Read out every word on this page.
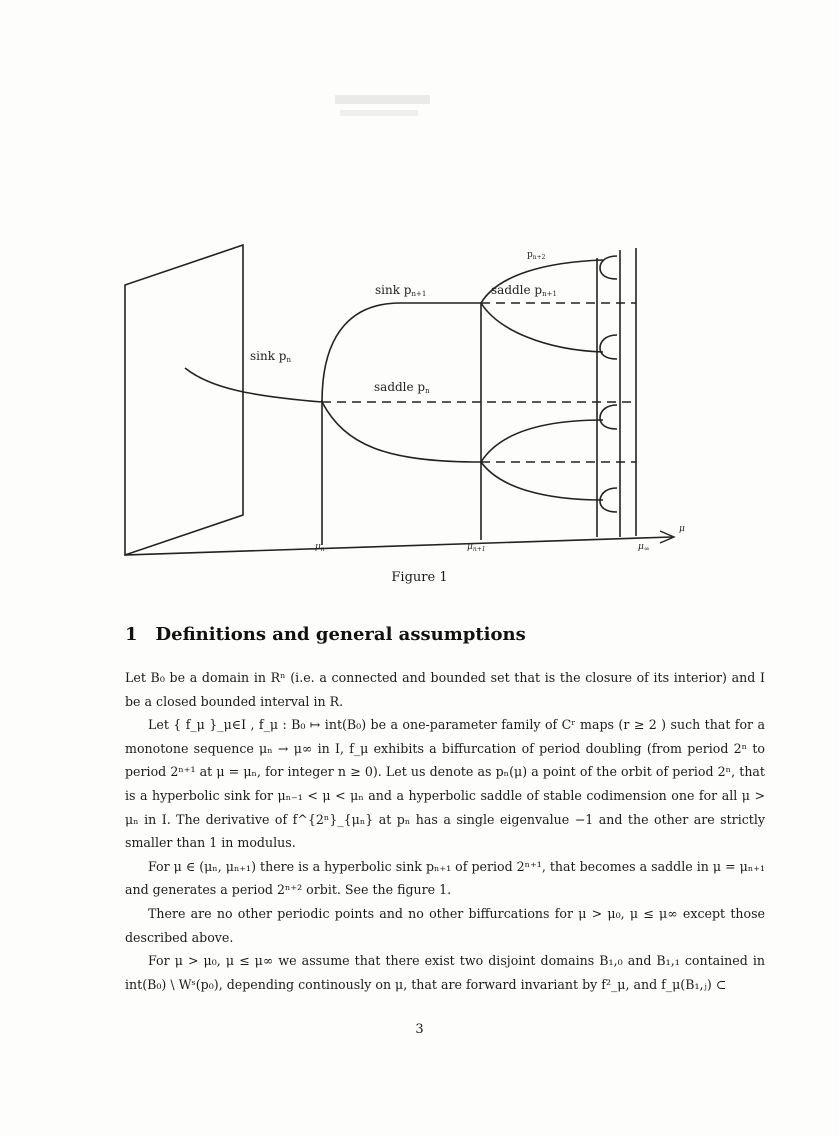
sink pn
sink pn+1	saddle pn+1
saddle pn
$p_{n+2}$
$\mu_n$	$\mu_{n+1}$	$\mu_\infty$
μ
Figure 1
1 Definitions and general assumptions

Let B₀ be a domain in Rⁿ (i.e. a connected and bounded set that is the closure of its interior) and I be a closed bounded interval in R.

Let { f_μ }_μ∈I , f_μ : B₀ ↦ int(B₀) be a one-parameter family of Cʳ maps (r ≥ 2 ) such that for a monotone sequence μₙ → μ∞ in I, f_μ exhibits a biffurcation of period doubling (from period 2ⁿ to period 2ⁿ⁺¹ at μ = μₙ, for integer n ≥ 0). Let us denote as pₙ(μ) a point of the orbit of period 2ⁿ, that is a hyperbolic sink for μₙ₋₁ < μ < μₙ and a hyperbolic saddle of stable codimension one for all μ > μₙ in I. The derivative of f^{2ⁿ}_{μₙ} at pₙ has a single eigenvalue −1 and the other are strictly smaller than 1 in modulus.

For μ ∈ (μₙ, μₙ₊₁) there is a hyperbolic sink pₙ₊₁ of period 2ⁿ⁺¹, that becomes a saddle in μ = μₙ₊₁ and generates a period 2ⁿ⁺² orbit. See the figure 1.

There are no other periodic points and no other biffurcations for μ > μ₀, μ ≤ μ∞ except those described above.

For μ > μ₀, μ ≤ μ∞ we assume that there exist two disjoint domains B₁,₀ and B₁,₁ contained in int(B₀) \ Wˢ(p₀), depending continously on μ, that are forward invariant by f²_μ, and f_μ(B₁,ⱼ) ⊂

3
